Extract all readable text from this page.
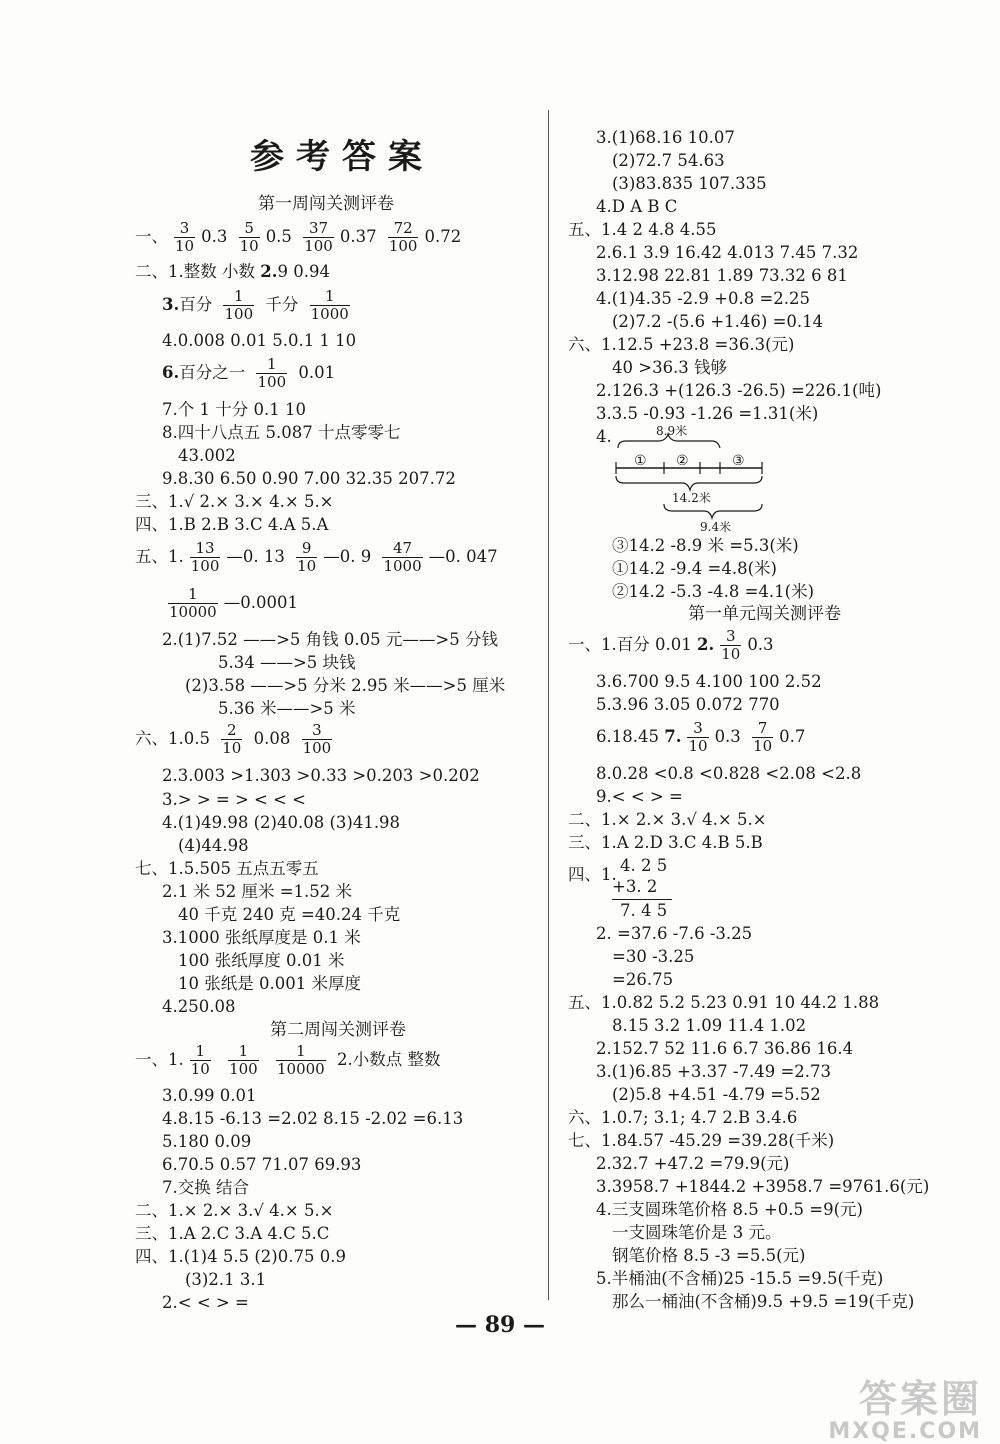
参考答案
第一周闯关测评卷
一、 $\frac{3}{10} 0.3 \frac{5}{10} 0.5 \frac{37}{100} 0.37 \frac{72}{100} 0.72$
二、1.整数 小数 2.9 0.94
3.百分 $\frac{1}{100}$ 千分 $\frac{1}{1000}$
4.0.008 0.01 5.0.1 1 10
6.百分之一 $\frac{1}{100} 0.01$
7.个 1 十分 0.1 10
8.四十八点五 5.087 十点零零七
43.002
9.8.30 6.50 0.90 7.00 32.35 207.72
三、1.√ 2.× 3.× 4.× 5.×
四、1.B 2.B 3.C 4.A 5.A
五、1. $\frac{13}{100}$ —0. $13 \frac{9}{10}$ —0. $9 \frac{47}{1000}$ —0. 047
$\frac{1}{10000}$ —0.0001
2.(1)7.52 ——>5 角钱 0.05 元——>5 分钱
5.34 ——>5 块钱
(2)3.58 ——>5 分米 2.95 米——>5 厘米
5.36 米——>5 米
六、$1.0.5 \frac{2}{10} 0.08 \frac{3}{100}$
2.3.003 >1.303 >0.33 >0.203 >0.202
3.> > = > < < <
4.(1)49.98 (2)40.08 (3)41.98
(4)44.98
七、1.5.505 五点五零五
2.1 米 52 厘米 =1.52 米
40 千克 240 克 =40.24 千克
3.1000 张纸厚度是 0.1 米
100 张纸厚度 0.01 米
10 张纸是 0.001 米厚度
4.250.08
第二周闯关测评卷
一、1. $\frac{1}{10}$
$\frac{1}{100}$
$\frac{1}{10000} 2$.小数点 整数
3.0.99 0.01
4.8.15 -6.13 =2.02 8.15 -2.02 =6.13
5.180 0.09
6.70.5 0.57 71.07 69.93
7.交换 结合
二、1.× 2.× 3.√ 4.× 5.×
三、1.A 2.C 3.A 4.C 5.C
四、1.(1)4 5.5 (2)0.75 0.9
(3)2.1 3.1
2.< < > =
3.(1)68.16 10.07
(2)72.7 54.63
(3)83.835 107.335
4.D A B C
五、1.4 2 4.8 4.55
2.6.1 3.9 16.42 4.013 7.45 7.32
3.12.98 22.81 1.89 73.32 6 81
4.(1)4.35 -2.9 +0.8 =2.25
(2)7.2 -(5.6 +1.46) =0.14
六、1.12.5 +23.8 =36.3(元)
40 >36.3 钱够
2.126.3 +(126.3 -26.5) =226.1(吨)
3.3.5 -0.93 -1.26 =1.31(米)
4.	8.9米
① ②	③
14.2米
9.4米
③14.2 -8.9 米 =5.3(米)
①14.2 -9.4 =4.8(米)
②14.2 -5.3 -4.8 =4.1(米)
第一单元闯关测评卷
一、1.百分 0.01 2. $\frac{3}{10} 0.3$
3.6.700 9.5 4.100 100 2.52
5.3.96 3.05 0.072 770
6.18.45 7. $\frac{3}{10} 0.3 \frac{7}{10} 0.7$
8.0.28 <0.8 <0.828 <2.08 <2.8
9.< < > =
二、1.× 2.× 3.√ 4.× 5.×
三、1.A 2.D 3.C 4.B 5.B
四、1. 4. 2 5
+3. 2
7. 4 5
2. =37.6 -7.6 -3.25
=30 -3.25
=26.75
五、1.0.82 5.2 5.23 0.91 10 44.2 1.88
8.15 3.2 1.09 11.4 1.02
2.152.7 52 11.6 6.7 36.86 16.4
3.(1)6.85 +3.37 -7.49 =2.73
(2)5.8 +4.51 -4.79 =5.52
六、1.0.7; 3.1; 4.7 2.B 3.4.6
七、1.84.57 -45.29 =39.28(千米)
2.32.7 +47.2 =79.9(元)
3.3958.7 +1844.2 +3958.7 =9761.6(元)
4.三支圆珠笔价格 8.5 +0.5 =9(元)
一支圆珠笔价是 3 元。
钢笔价格 8.5 -3 =5.5(元)
5.半桶油(不含桶)25 -15.5 =9.5(千克)
那么一桶油(不含桶)9.5 +9.5 =19(千克)
— 89 —
答案圈
MXQE.COM
